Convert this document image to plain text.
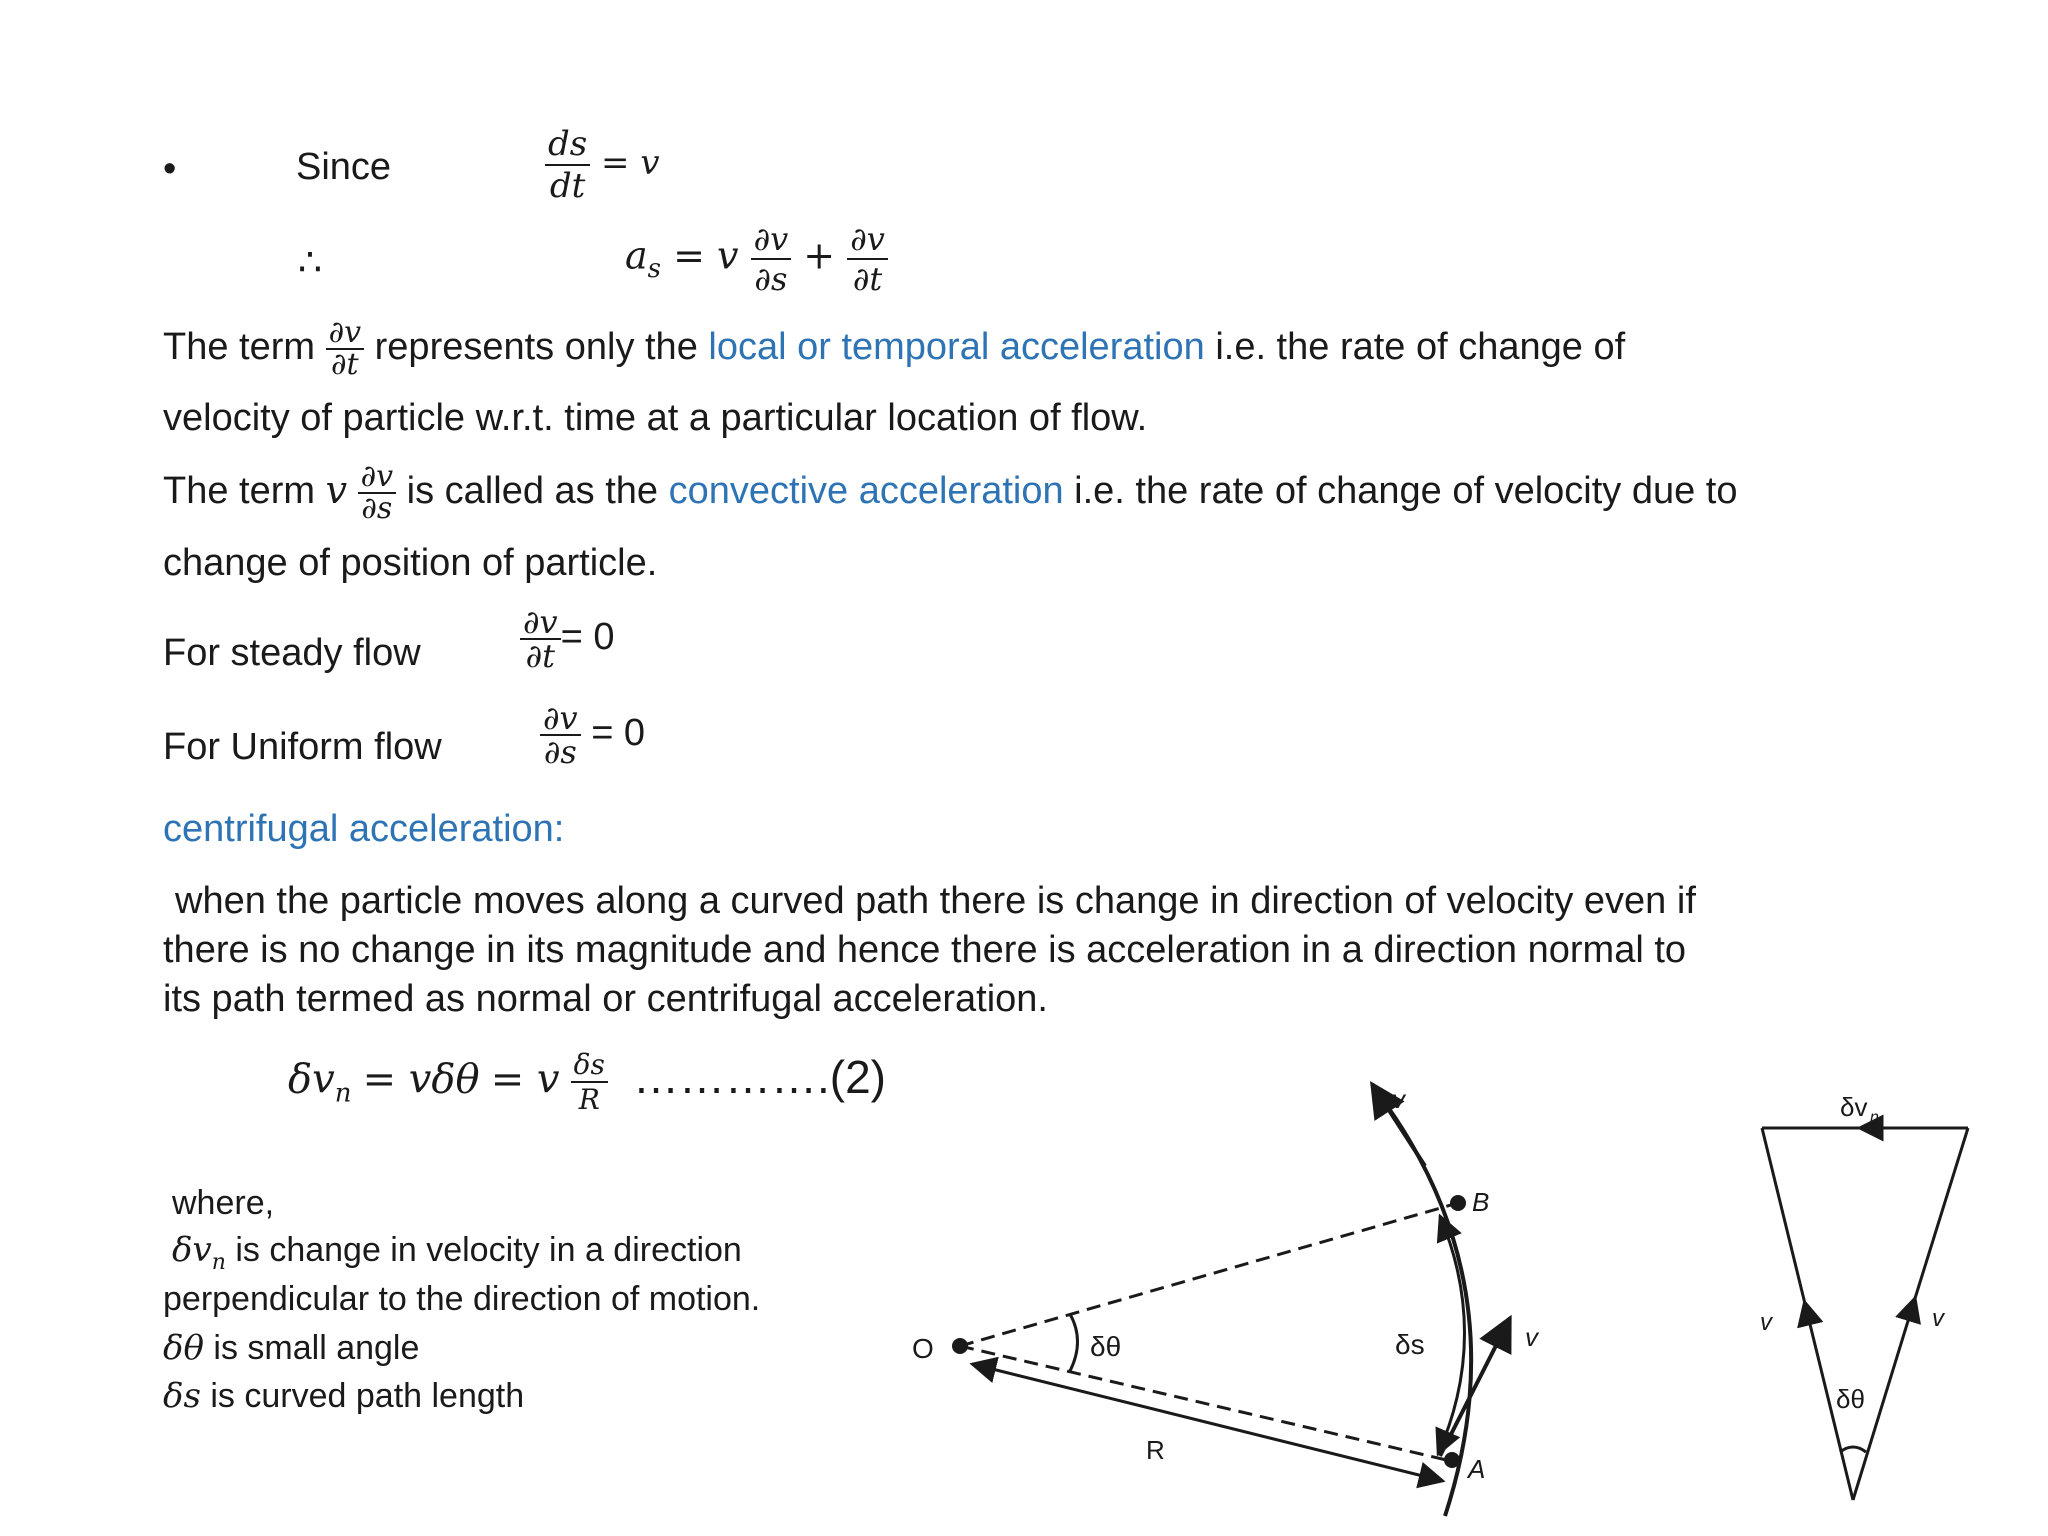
•	Since	$\frac{ds}{dt} = v$
∴	$a_s = v \frac{\partial v}{\partial s} + \frac{\partial v}{\partial t}$
The term $\frac{\partial v}{\partial t}$ represents only the local or temporal acceleration i.e. the rate of change of
velocity of particle w.r.t. time at a particular location of flow.
The term v $\frac{\partial v}{\partial s}$ is called as the convective acceleration i.e. the rate of change of velocity due to
change of position of particle.
For steady flow	$\frac{\partial v}{\partial t} = 0$
For Uniform flow	$\frac{\partial v}{\partial s} = 0$
centrifugal acceleration:
when the particle moves along a curved path there is change in direction of velocity even if
there is no change in its magnitude and hence there is acceleration in a direction normal to
its path termed as normal or centrifugal acceleration.
$\delta v_n = v\delta\theta = v \frac{\delta s}{R}$ ………….(2)
where,
$\delta v_n$ is change in velocity in a direction
perpendicular to the direction of motion.
δθ is small angle
δs is curved path length
O
B
A
R
δθ	δs
v
v
δv n
v	v
δθ
